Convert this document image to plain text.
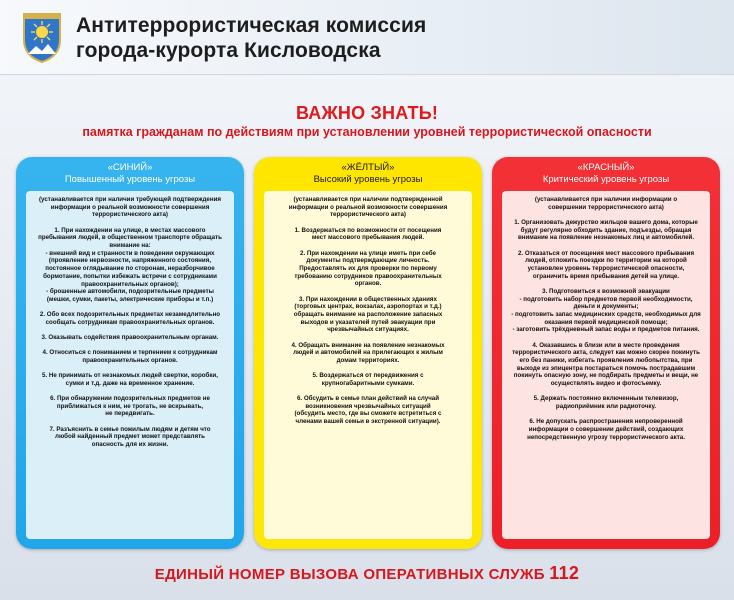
Антитеррористическая комиссия
города-курорта Кисловодска
ВАЖНО ЗНАТЬ!
памятка гражданам по действиям при установлении уровней террористической опасности
«СИНИЙ»
Повышенный уровень угрозы

(устанавливается при наличии требующей подтверждения
информации о реальной возможности совершения
террористического акта)

1. При нахождении на улице, в местах массового
пребывания людей, в общественном транспорте обращать
внимание на:
- внешний вид и странности в поведении окружающих
(проявление нервозности, напряженного состояния,
постоянное оглядывание по сторонам, неразборчивое
бормотание, попытки избежать встречи с сотрудниками
правоохранительных органов);
- брошенные автомобили, подозрительные предметы
(мешки, сумки, пакеты, электрические приборы и т.п.)

2. Обо всех подозрительных предметах незамедлительно
сообщать сотрудникам правоохранительных органов.

3. Оказывать содействия правоохранительным органам.

4. Относиться с пониманием и терпением к сотрудникам
правоохранительных органов.

5. Не принимать от незнакомых людей свертки, коробки,
сумки и т.д. даже на временное хранение.

6. При обнаружении подозрительных предметов не
приближаться к ним, не трогать, не вскрывать,
не передвигать.

7. Разъяснить в семье пожилым людям и детям что
любой найденный предмет может представлять
опасность для их жизни.

«ЖЁЛТЫЙ»
Высокий уровень угрозы

(устанавливается при наличии подтвержденной
информации о реальной возможности совершения
террористического акта)

1. Воздержаться по возможности от посещения
мест массового пребывания людей.

2. При нахождении на улице иметь при себе
документы подтверждающие личность.
Предоставлять их для проверки по первому
требованию сотрудников правоохранительных
органов.

3. При нахождении в общественных зданиях
(торговых центрах, вокзалах, аэропортах и т.д.)
обращать внимание на расположение запасных
выходов и указателей путей эвакуации при
чрезвычайных ситуациях.

4. Обращать внимание на появление незнакомых
людей и автомобилей на прилегающих к жилым
домам территориях.

5. Воздержаться от передвижения с
крупногабаритными сумками.

6. Обсудить в семье план действий на случай
возникновения чрезвычайных ситуаций
(обсудить место, где вы сможете встретиться с
членами вашей семьи в экстренной ситуации).

«КРАСНЫЙ»
Критический уровень угрозы

(устанавливается при наличии информации о
совершении террористического акта)

1. Организовать дежурство жильцов вашего дома, которые
будут регулярно обходить здание, подъезды, обращая
внимание на появление незнакомых лиц и автомобилей.

2. Отказаться от посещения мест массового пребывания
людей, отложить поездки по территории на которой
установлен уровень террористической опасности,
ограничить время пребывания детей на улице.

3. Подготовиться к возможной эвакуации
- подготовить набор предметов первой необходимости,
деньги и документы;
- подготовить запас медицинских средств, необходимых для
оказания первой медицинской помощи;
- заготовить трёхдневный запас воды и предметов питания.

4. Оказавшись в близи или в месте проведения
террористического акта, следует как можно скорее покинуть
его без паники, избегать проявления любопытства, при
выходе из эпицентра постараться помочь пострадавшим
покинуть опасную зону, не подбирать предметы и вещи, не
осуществлять видео и фотосъемку.

5. Держать постоянно включенным телевизор,
радиоприёмник или радиоточку.

6. Не допускать распространения непроверенной
информации о совершении действий, создающих
непосредственную угрозу террористического акта.

ЕДИНЫЙ НОМЕР ВЫЗОВА ОПЕРАТИВНЫХ СЛУЖБ 112
